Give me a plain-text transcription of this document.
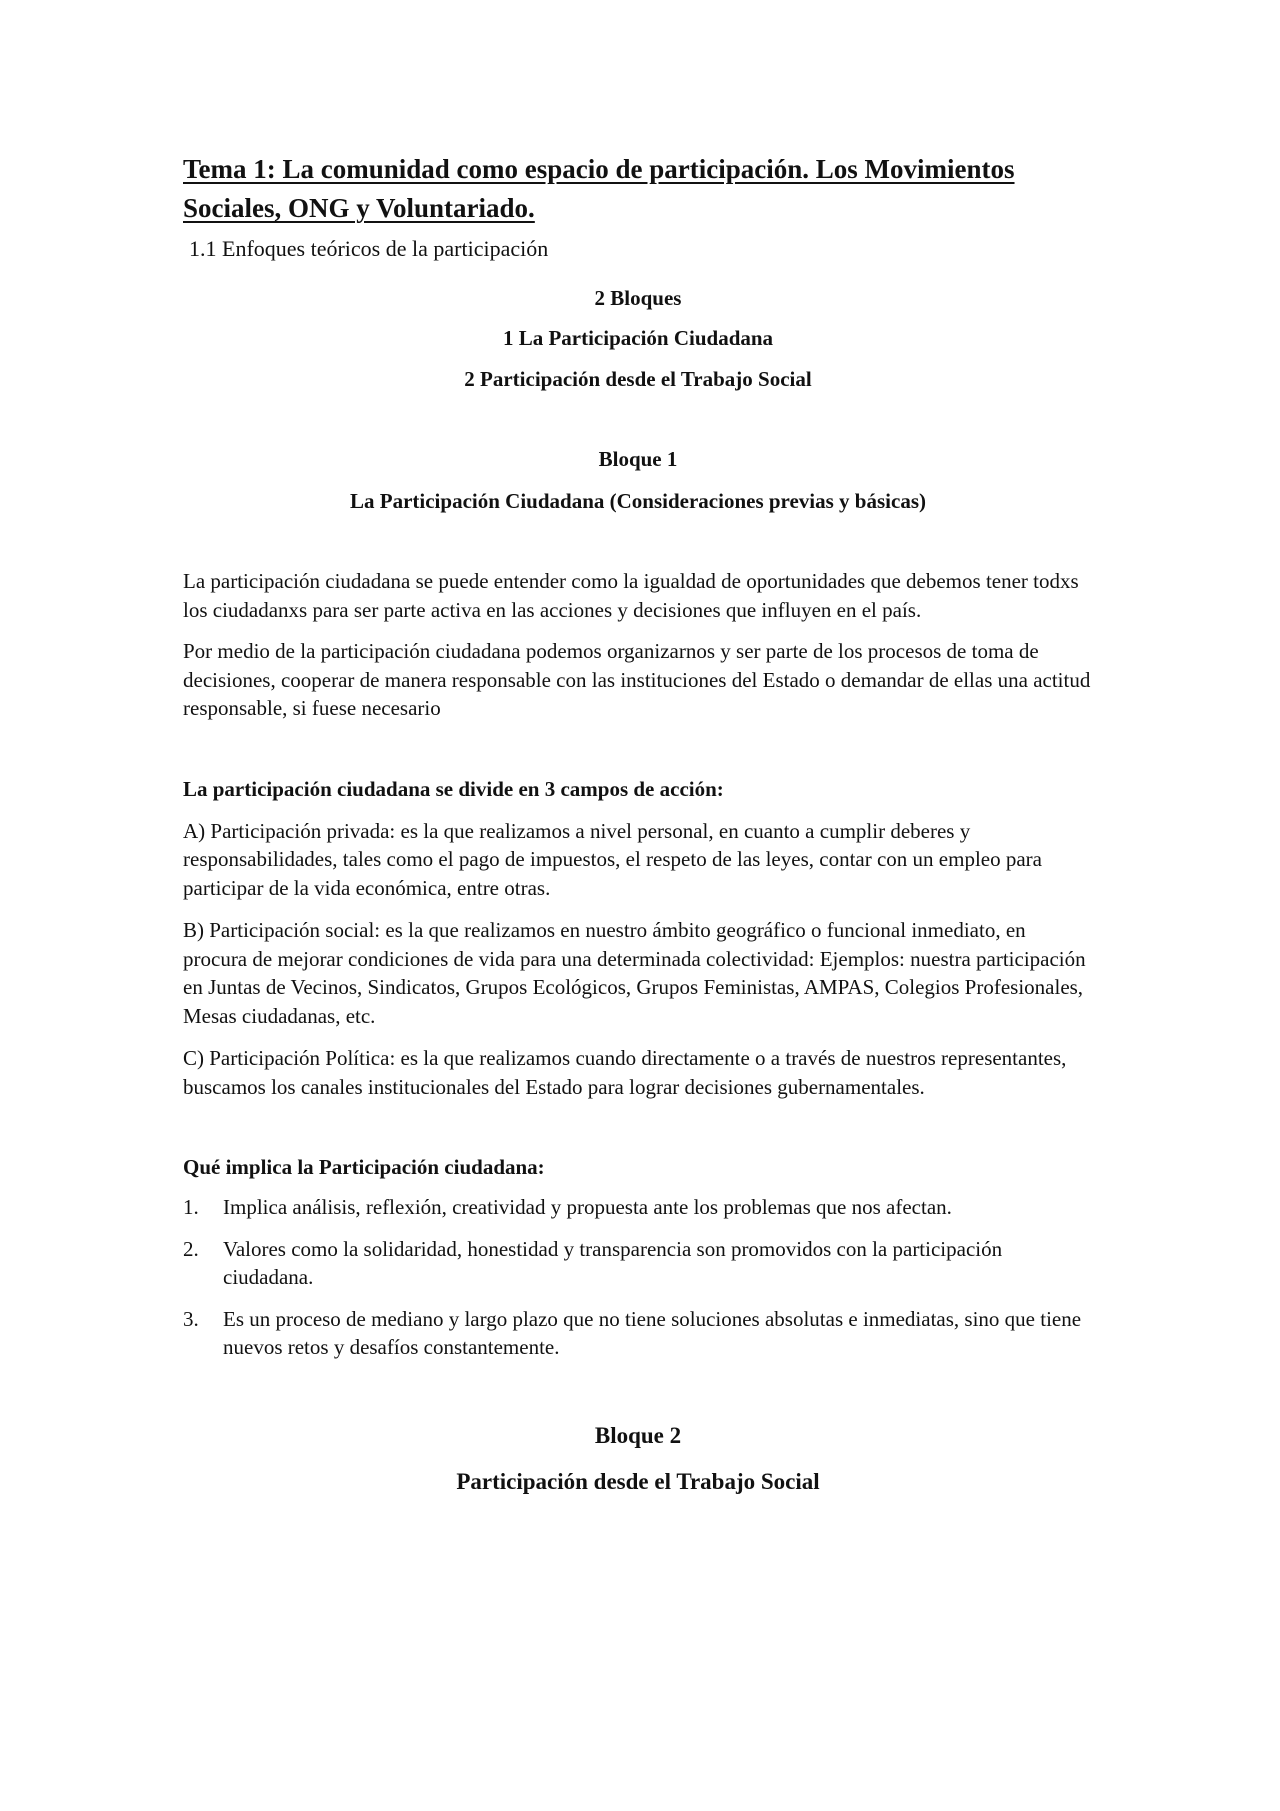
Tema 1: La comunidad como espacio de participación. Los Movimientos Sociales, ONG y Voluntariado.
1.1 Enfoques teóricos de la participación
2 Bloques
1 La Participación Ciudadana
2 Participación desde el Trabajo Social
Bloque 1
La Participación Ciudadana (Consideraciones previas y básicas)

La participación ciudadana se puede entender como la igualdad de oportunidades que debemos tener todxs los ciudadanxs para ser parte activa en las acciones y decisiones que influyen en el país.

Por medio de la participación ciudadana podemos organizarnos y ser parte de los procesos de toma de decisiones, cooperar de manera responsable con las instituciones del Estado o demandar de ellas una actitud responsable, si fuese necesario

La participación ciudadana se divide en 3 campos de acción:

A) Participación privada: es la que realizamos a nivel personal, en cuanto a cumplir deberes y responsabilidades, tales como el pago de impuestos, el respeto de las leyes, contar con un empleo para participar de la vida económica, entre otras.

B) Participación social: es la que realizamos en nuestro ámbito geográfico o funcional inmediato, en procura de mejorar condiciones de vida para una determinada colectividad: Ejemplos: nuestra participación en Juntas de Vecinos, Sindicatos, Grupos Ecológicos, Grupos Feministas, AMPAS, Colegios Profesionales, Mesas ciudadanas, etc.

C) Participación Política: es la que realizamos cuando directamente o a través de nuestros representantes, buscamos los canales institucionales del Estado para lograr decisiones gubernamentales.

Qué implica la Participación ciudadana:

1. Implica análisis, reflexión, creatividad y propuesta ante los problemas que nos afectan.
2. Valores como la solidaridad, honestidad y transparencia son promovidos con la participación ciudadana.
3. Es un proceso de mediano y largo plazo que no tiene soluciones absolutas e inmediatas, sino que tiene nuevos retos y desafíos constantemente.
Bloque 2
Participación desde el Trabajo Social
